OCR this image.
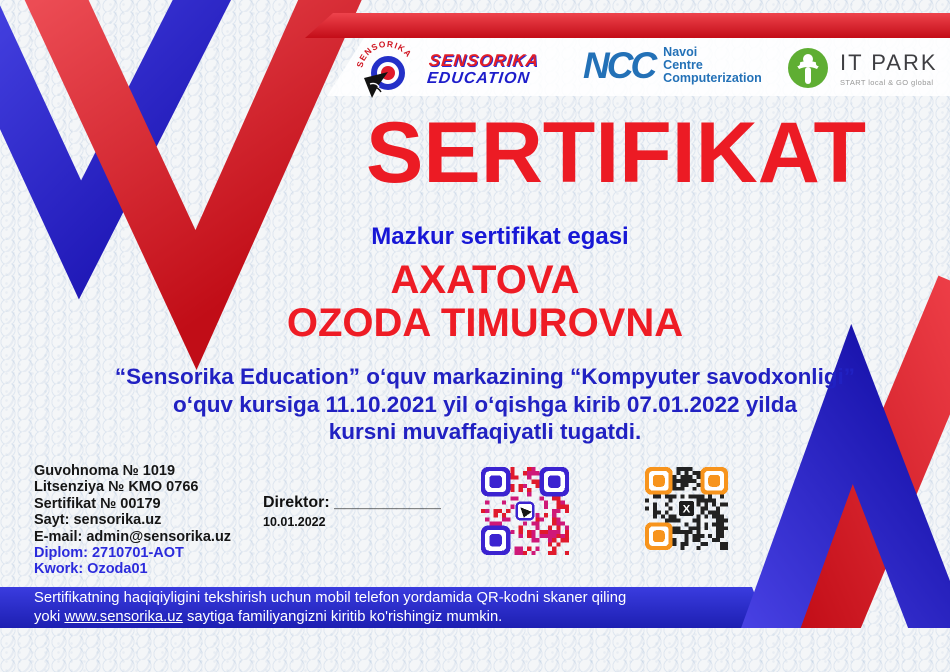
SENSORIKA SENSORIKA
EDUCATION NCC Navoi
Centre
Computerization
IT PARK
START local & GO global
SERTIFIKAT
Mazkur sertifikat egasi
AXATOVA
OZODA TIMUROVNA
“Sensorika Education” oʻquv markazining “Kompyuter savodxonligi”
oʻquv kursiga 11.10.2021 yil oʻqishga kirib 07.01.2022 yilda
kursni muvaffaqiyatli tugatdi.
Guvohnoma № 1019
Litsenziya № KMO 0766
Sertifikat № 00179
Sayt: sensorika.uz
E-mail: admin@sensorika.uz
Diplom: 2710701-AOT
Kwork: Ozoda01
Direktor: ____________
10.01.2022
X
Sertifikatning haqiqiyligini tekshirish uchun mobil telefon yordamida QR-kodni skaner qiling
yoki www.sensorika.uz saytiga familiyangizni kiritib ko'rishingiz mumkin.
